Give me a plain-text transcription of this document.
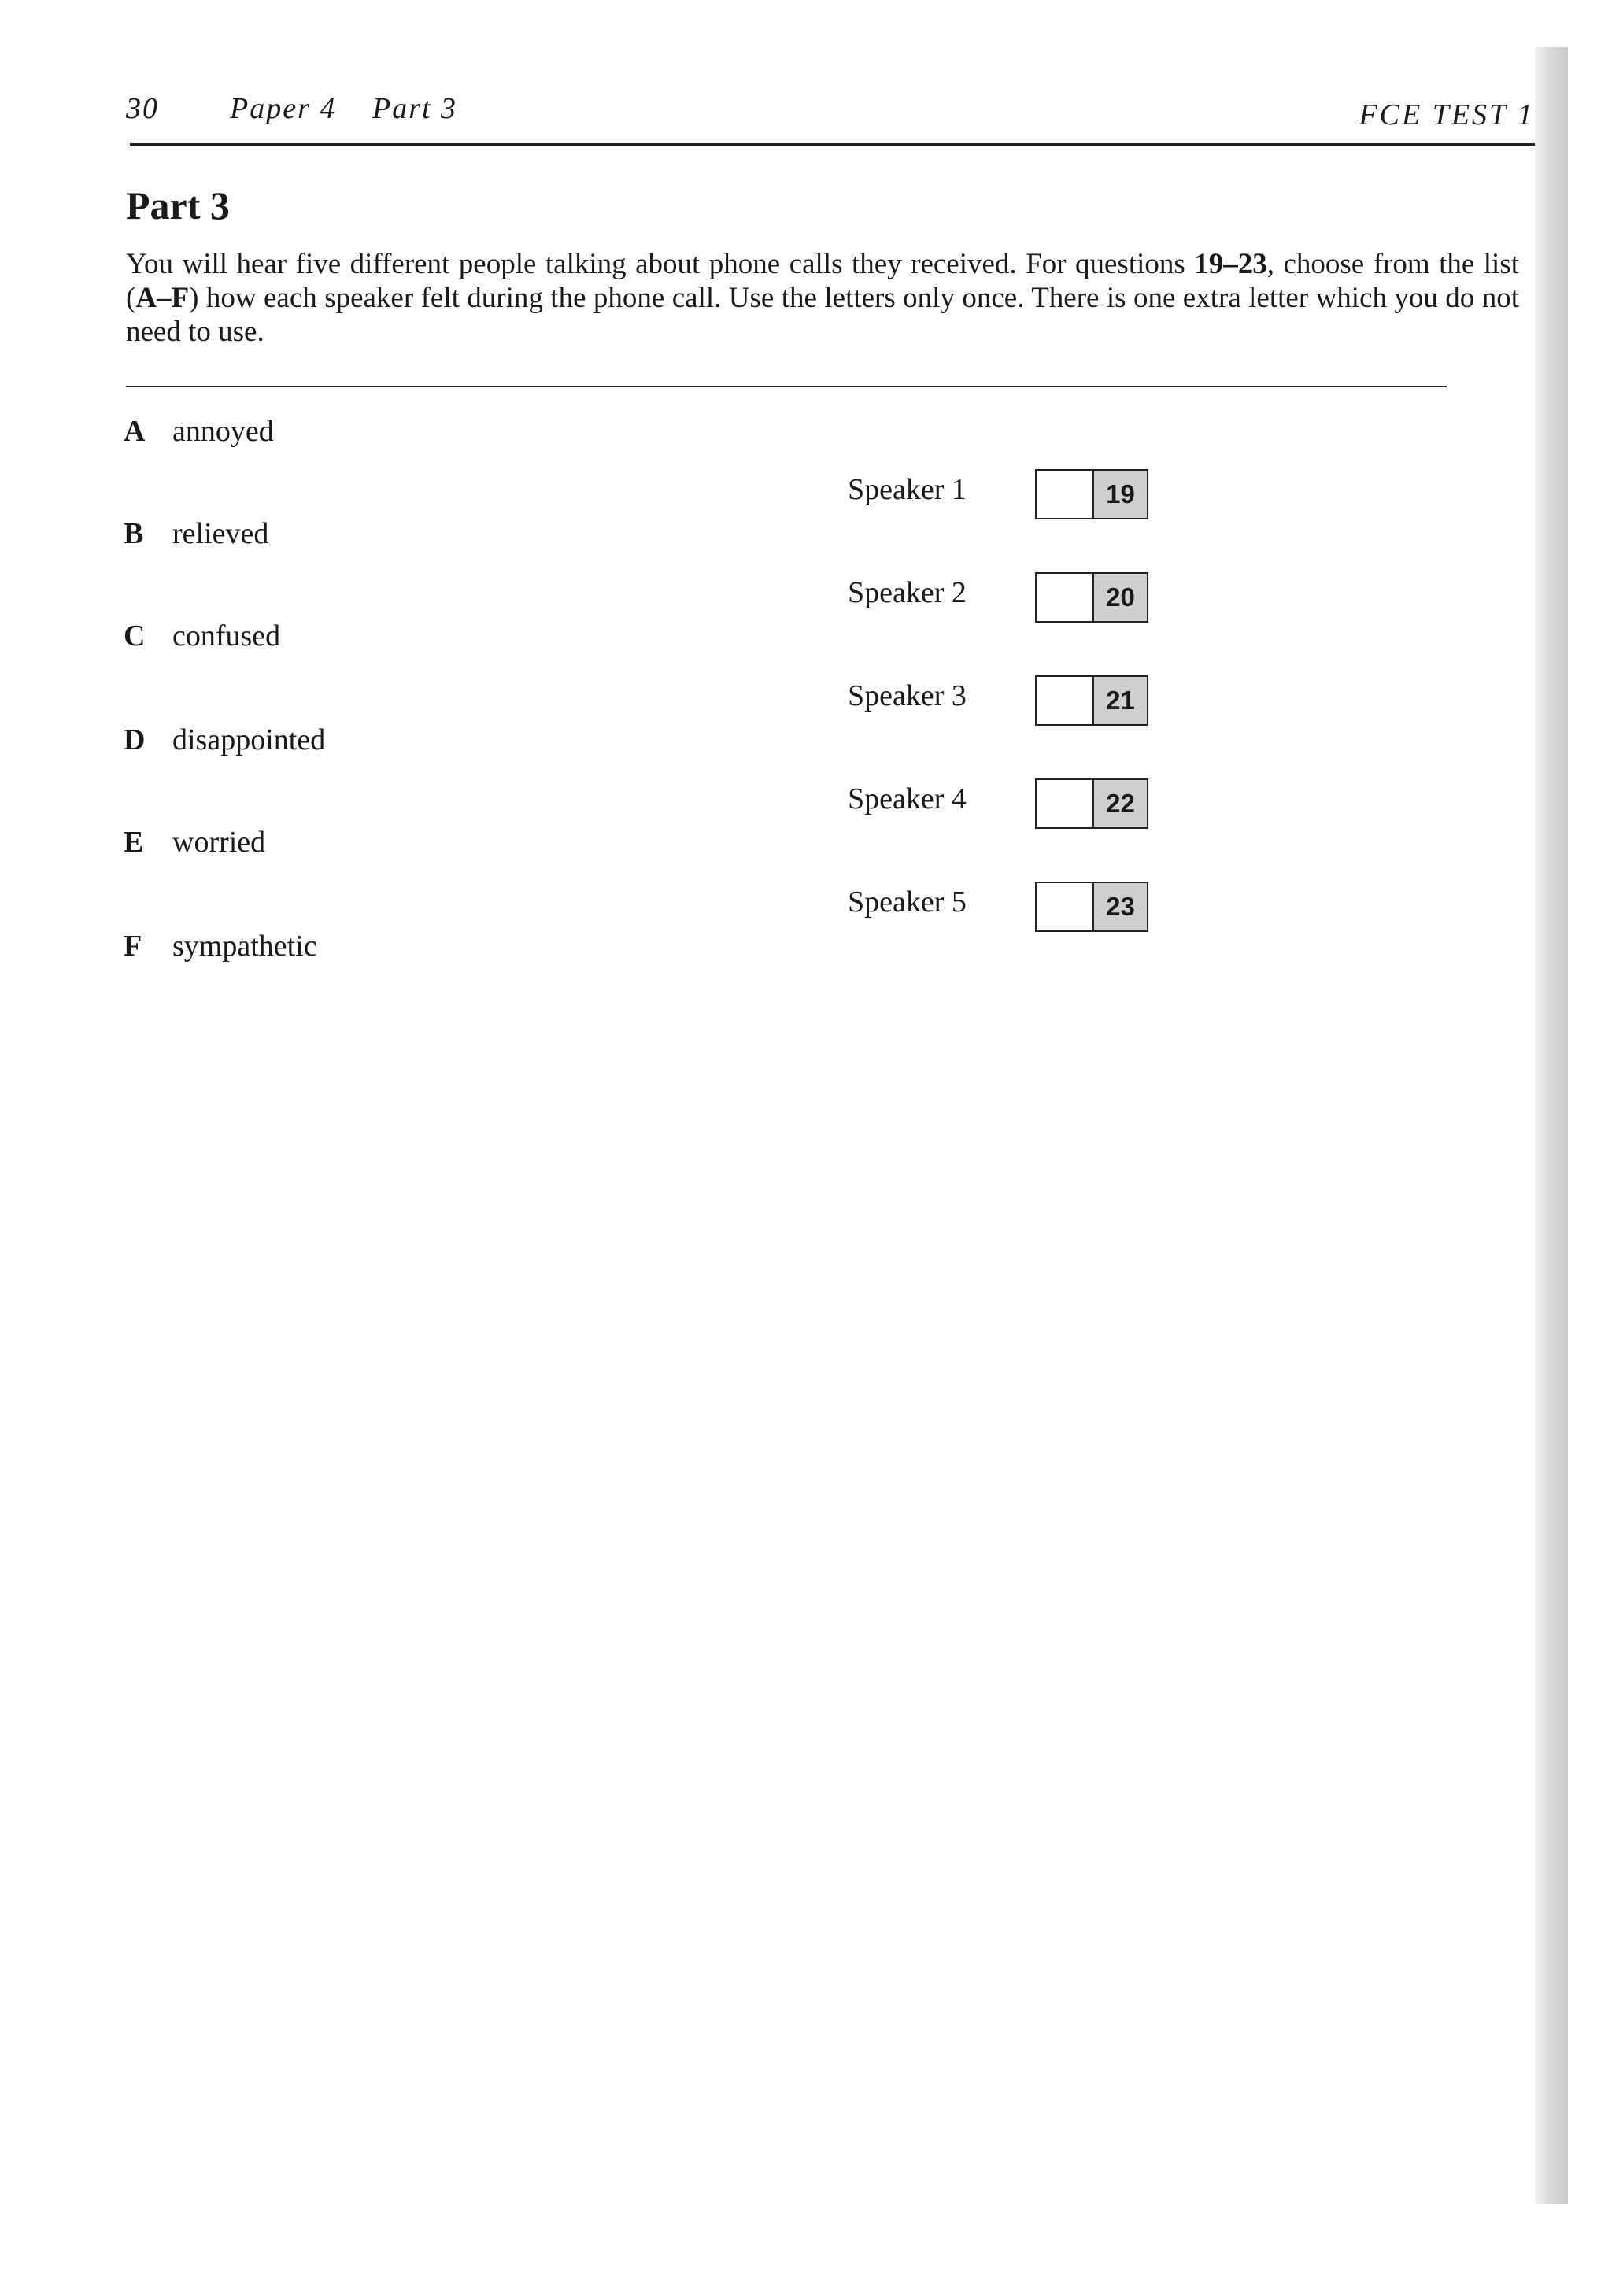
30 Paper 4 Part 3	FCE TEST 1
Part 3

You will hear five different people talking about phone calls they received. For questions 19–23, choose from the list (A–F) how each speaker felt during the phone call. Use the letters only once. There is one extra letter which you do not need to use.

A annoyed
B relieved
C confused
D disappointed
E worried
F sympathetic
Speaker 1	19
Speaker 2	20
Speaker 3	21
Speaker 4	22
Speaker 5	23
